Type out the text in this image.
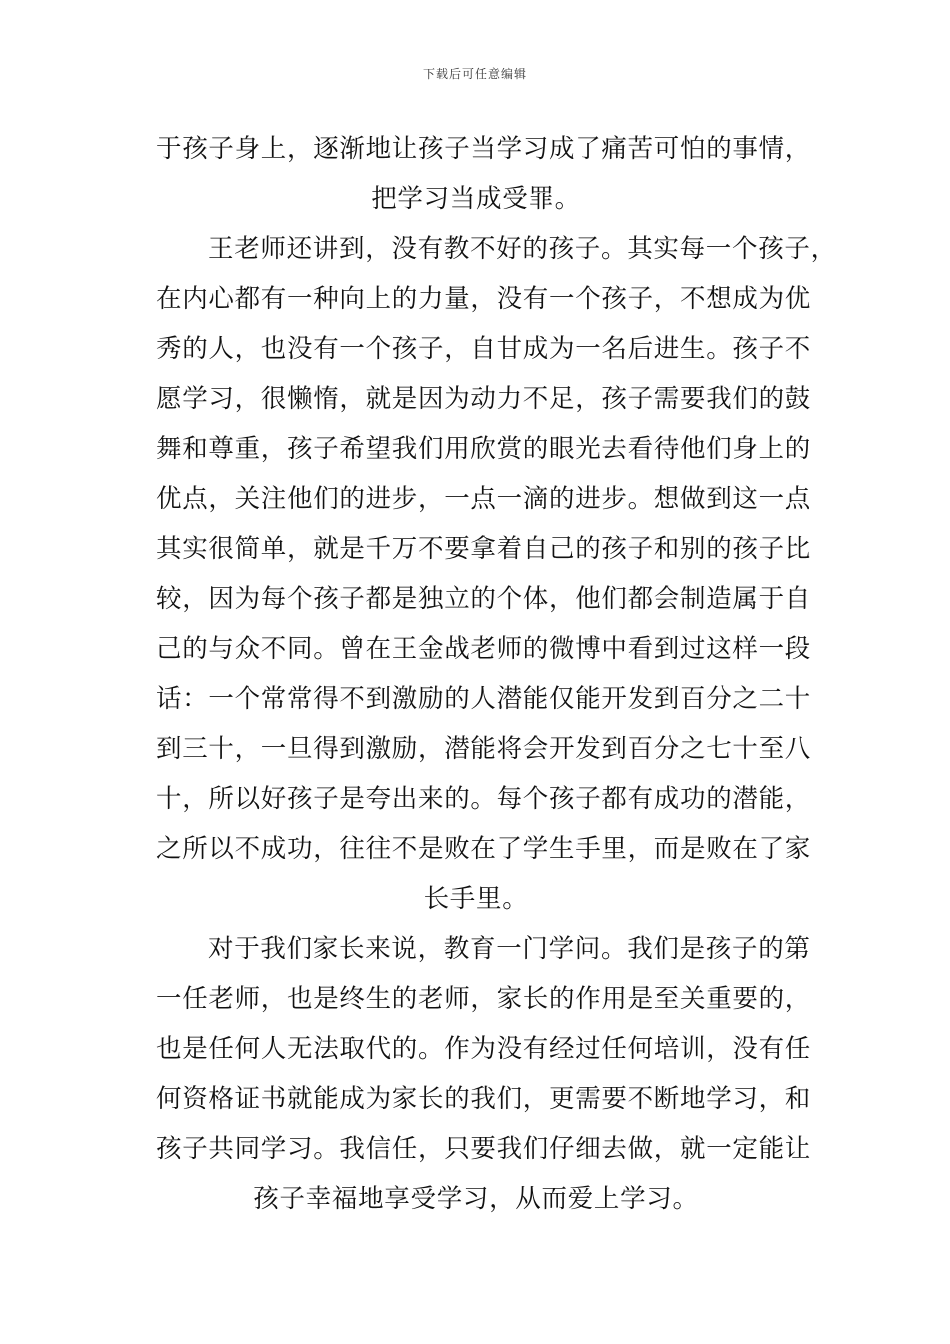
下载后可任意编辑
于孩子身上，逐渐地让孩子当学习成了痛苦可怕的事情，
把学习当成受罪。
王老师还讲到，没有教不好的孩子。其实每一个孩子，
在内心都有一种向上的力量，没有一个孩子，不想成为优
秀的人，也没有一个孩子，自甘成为一名后进生。孩子不
愿学习，很懒惰，就是因为动力不足，孩子需要我们的鼓
舞和尊重，孩子希望我们用欣赏的眼光去看待他们身上的
优点，关注他们的进步，一点一滴的进步。想做到这一点
其实很简单，就是千万不要拿着自己的孩子和别的孩子比
较，因为每个孩子都是独立的个体，他们都会制造属于自
己的与众不同。曾在王金战老师的微博中看到过这样一段
话：一个常常得不到激励的人潜能仅能开发到百分之二十
到三十，一旦得到激励，潜能将会开发到百分之七十至八
十，所以好孩子是夸出来的。每个孩子都有成功的潜能，
之所以不成功，往往不是败在了学生手里，而是败在了家
长手里。
对于我们家长来说，教育一门学问。我们是孩子的第
一任老师，也是终生的老师，家长的作用是至关重要的，
也是任何人无法取代的。作为没有经过任何培训，没有任
何资格证书就能成为家长的我们，更需要不断地学习，和
孩子共同学习。我信任，只要我们仔细去做，就一定能让
孩子幸福地享受学习，从而爱上学习。
